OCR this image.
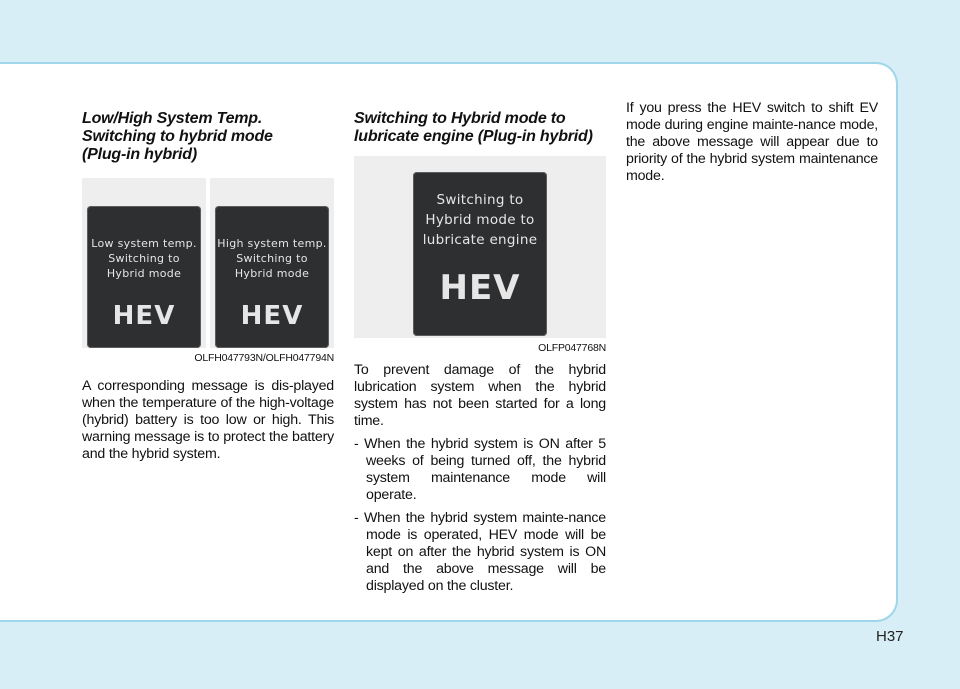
Low/High System Temp.
Switching to hybrid mode
(Plug-in hybrid)
Low system temp.
Switching to
Hybrid mode
HEV
High system temp.
Switching to
Hybrid mode
HEV
OLFH047793N/OLFH047794N

A corresponding message is dis-played when the temperature of the high-voltage (hybrid) battery is too low or high. This warning message is to protect the battery and the hybrid system.

Switching to Hybrid mode to
lubricate engine (Plug-in hybrid)
Switching to
Hybrid mode to
lubricate engine
HEV
OLFP047768N

To prevent damage of the hybrid lubrication system when the hybrid system has not been started for a long time.

- When the hybrid system is ON after 5 weeks of being turned off, the hybrid system maintenance mode will operate.
- When the hybrid system mainte-nance mode is operated, HEV mode will be kept on after the hybrid system is ON and the above message will be displayed on the cluster.

If you press the HEV switch to shift EV mode during engine mainte-nance mode, the above message will appear due to priority of the hybrid system maintenance mode.

H37
